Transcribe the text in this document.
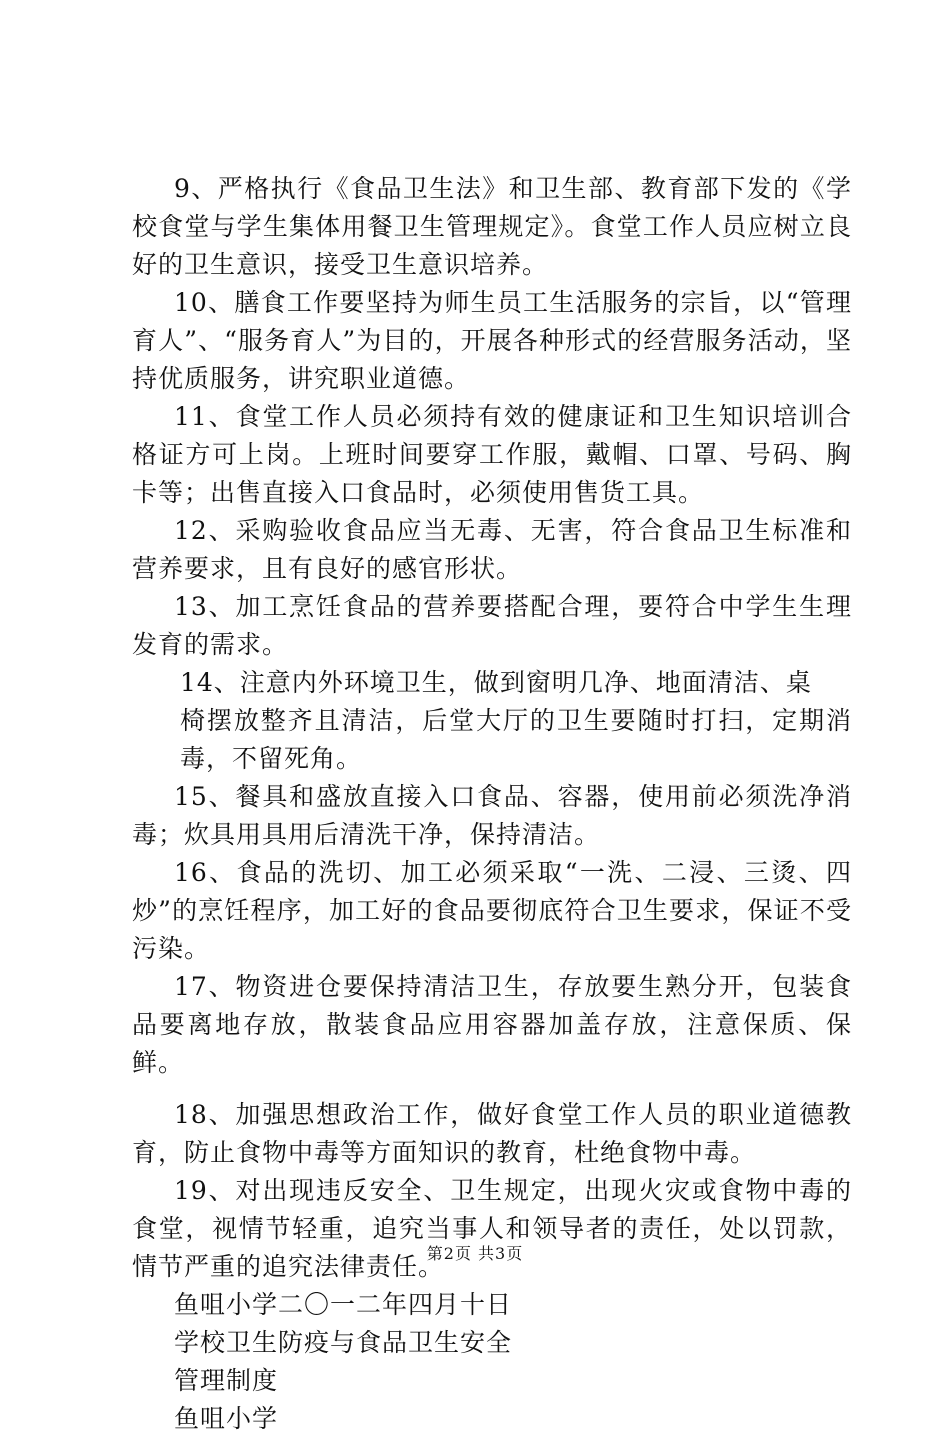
9、严格执行《食品卫生法》和卫生部、教育部下发的《学校食堂与学生集体用餐卫生管理规定》。食堂工作人员应树立良好的卫生意识，接受卫生意识培养。

10、膳食工作要坚持为师生员工生活服务的宗旨，以“管理育人”、“服务育人”为目的，开展各种形式的经营服务活动，坚持优质服务，讲究职业道德。

11、食堂工作人员必须持有效的健康证和卫生知识培训合格证方可上岗。上班时间要穿工作服，戴帽、口罩、号码、胸卡等；出售直接入口食品时，必须使用售货工具。

12、采购验收食品应当无毒、无害，符合食品卫生标准和营养要求，且有良好的感官形状。

13、加工烹饪食品的营养要搭配合理，要符合中学生生理发育的需求。

14、注意内外环境卫生，做到窗明几净、地面清洁、桌

椅摆放整齐且清洁，后堂大厅的卫生要随时打扫，定期消毒，不留死角。

15、餐具和盛放直接入口食品、容器，使用前必须洗净消毒；炊具用具用后清洗干净，保持清洁。

16、食品的洗切、加工必须采取“一洗、二浸、三烫、四炒”的烹饪程序，加工好的食品要彻底符合卫生要求，保证不受污染。

17、物资进仓要保持清洁卫生，存放要生熟分开，包装食品要离地存放，散装食品应用容器加盖存放，注意保质、保鲜。

18、加强思想政治工作，做好食堂工作人员的职业道德教育，防止食物中毒等方面知识的教育，杜绝食物中毒。

19、对出现违反安全、卫生规定，出现火灾或食物中毒的食堂，视情节轻重，追究当事人和领导者的责任，处以罚款，情节严重的追究法律责任。

鱼咀小学二〇一二年四月十日

学校卫生防疫与食品卫生安全

管理制度

鱼咀小学

第2页 共3页
